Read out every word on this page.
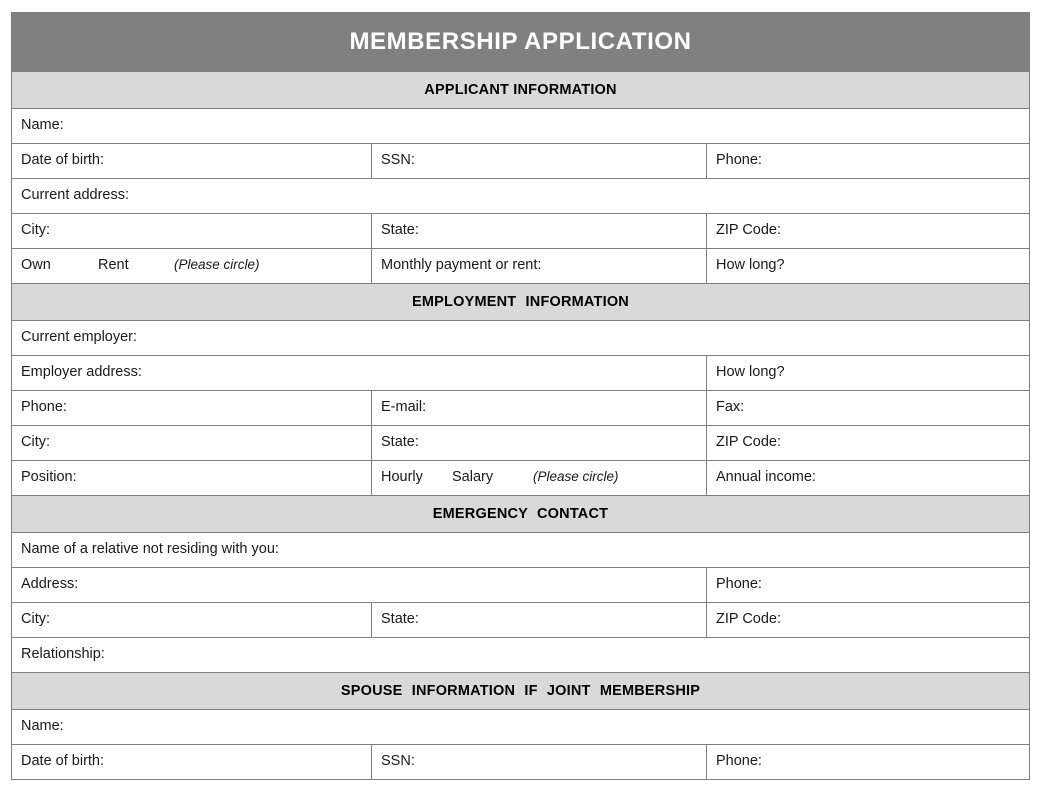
MEMBERSHIP APPLICATION		
APPLICANT INFORMATION		

Name:		

Date of birth:	SSN:	Phone:

Current address:		

City:	State:	ZIP Code:

Own Rent (Please circle)	Monthly payment or rent:	How long?

EMPLOYMENT INFORMATION		

Current employer:		

Employer address:		How long?

Phone:	E-mail:	Fax:

City:	State:	ZIP Code:

Position:	Hourly Salary (Please circle)	Annual income:

EMERGENCY CONTACT		

Name of a relative not residing with you:		

Address:		Phone:

City:	State:	ZIP Code:

Relationship:		

SPOUSE INFORMATION IF JOINT MEMBERSHIP		

Name:		

Date of birth:	SSN:	Phone:
